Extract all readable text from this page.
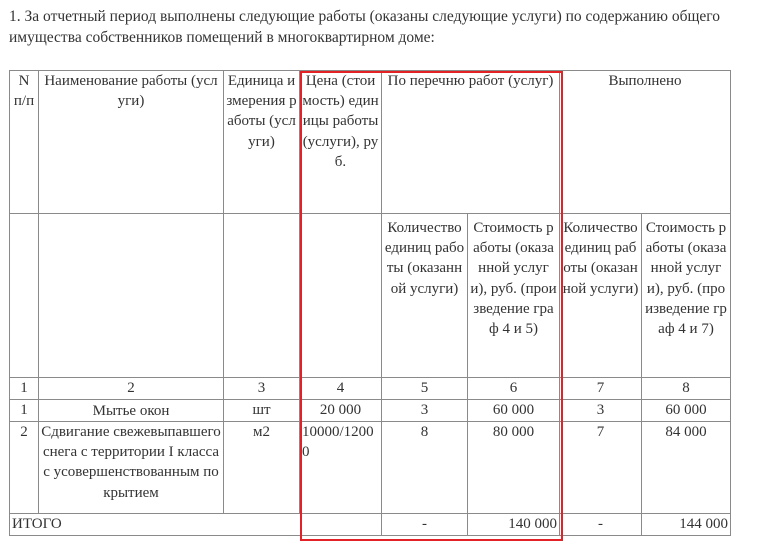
1. За отчетный период выполнены следующие работы (оказаны следующие услуги) по содержанию общего имущества собственников помещений в многоквартирном доме:

N п/п	Наименование работы (услуги)	Единица измерения работы (услуги)	Цена (стоимость) единицы работы (услуги), руб.	По перечню работ (услуг)		Выполнено	
				Количество единиц работы (оказанной услуги)	Стоимость работы (оказанной услуги), руб. (произведение граф 4 и 5)	Количество единиц работы (оказанной услуги)	Стоимость работы (оказанной услуги), руб. (произведение граф 4 и 7)
1	2	3	4	5	6	7	8
1	Мытье окон	шт	20 000	3	60 000	3	60 000
2	Сдвигание свежевыпавшего снега с территории I класса с усовершенствованным покрытием	м2	10000/12000	8	80 000	7	84 000
ИТОГО				-	140 000	-	144 000
